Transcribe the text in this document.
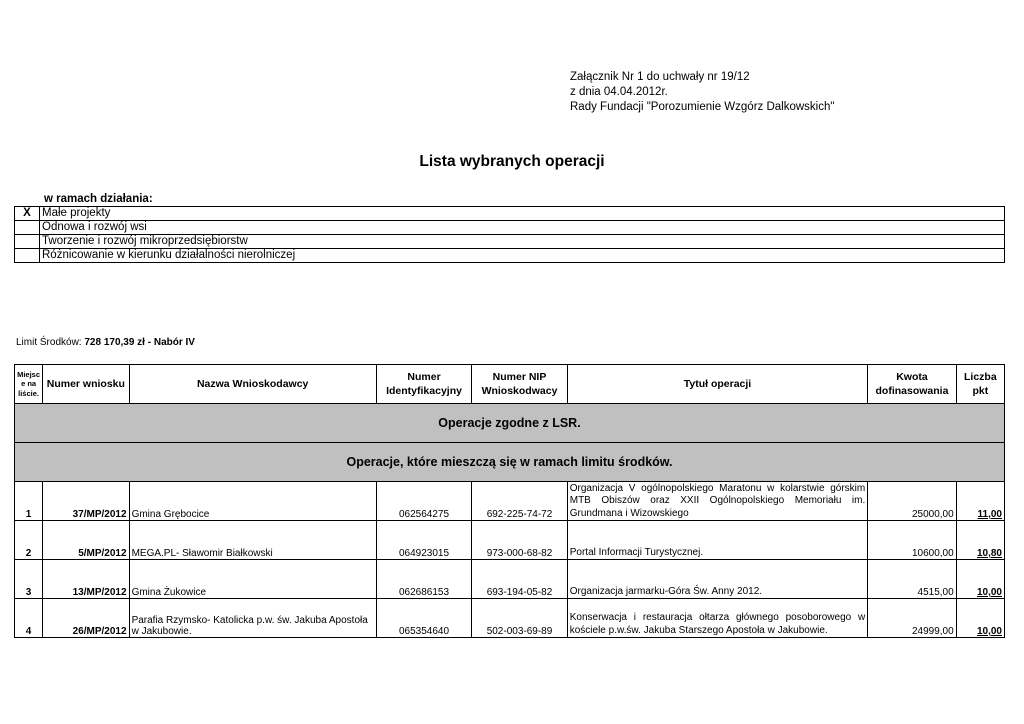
Załącznik Nr 1 do uchwały nr 19/12
z dnia 04.04.2012r.
Rady Fundacji "Porozumienie Wzgórz Dalkowskich"
Lista wybranych operacji
w ramach działania:
X	Małe projekty
	Odnowa i rozwój wsi
	Tworzenie i rozwój mikroprzedsiębiorstw
	Różnicowanie w kierunku działalności nierolniczej
Limit Środków: 728 170,39 zł - Nabór IV
Miejsc
e na
liście.	Numer wniosku	Nazwa Wnioskodawcy	Numer
Identyfikacyjny	Numer NIP
Wnioskodwacy	Tytuł operacji	Kwota
dofinasowania	Liczba
pkt
Operacje zgodne z LSR.							
Operacje, które mieszczą się w ramach limitu środków.							
1	37/MP/2012	Gmina Grębocice	062564275	692-225-74-72	Organizacja V ogólnopolskiego Maratonu w kolarstwie górskim MTB Obiszów oraz XXII Ogólnopolskiego Memoriału im. Grundmana i Wizowskiego	25000,00	11,00
2	5/MP/2012	MEGA.PL- Sławomir Białkowski	064923015	973-000-68-82	Portal Informacji Turystycznej.	10600,00	10,80
3	13/MP/2012	Gmina Żukowice	062686153	693-194-05-82	Organizacja jarmarku-Góra Św. Anny 2012.	4515,00	10,00
4	26/MP/2012	Parafia Rzymsko- Katolicka p.w. św. Jakuba Apostoła w Jakubowie.	065354640	502-003-69-89	Konserwacja i restauracja ołtarza głównego posoborowego w kościele p.w.św. Jakuba Starszego Apostoła w Jakubowie.	24999,00	10,00
